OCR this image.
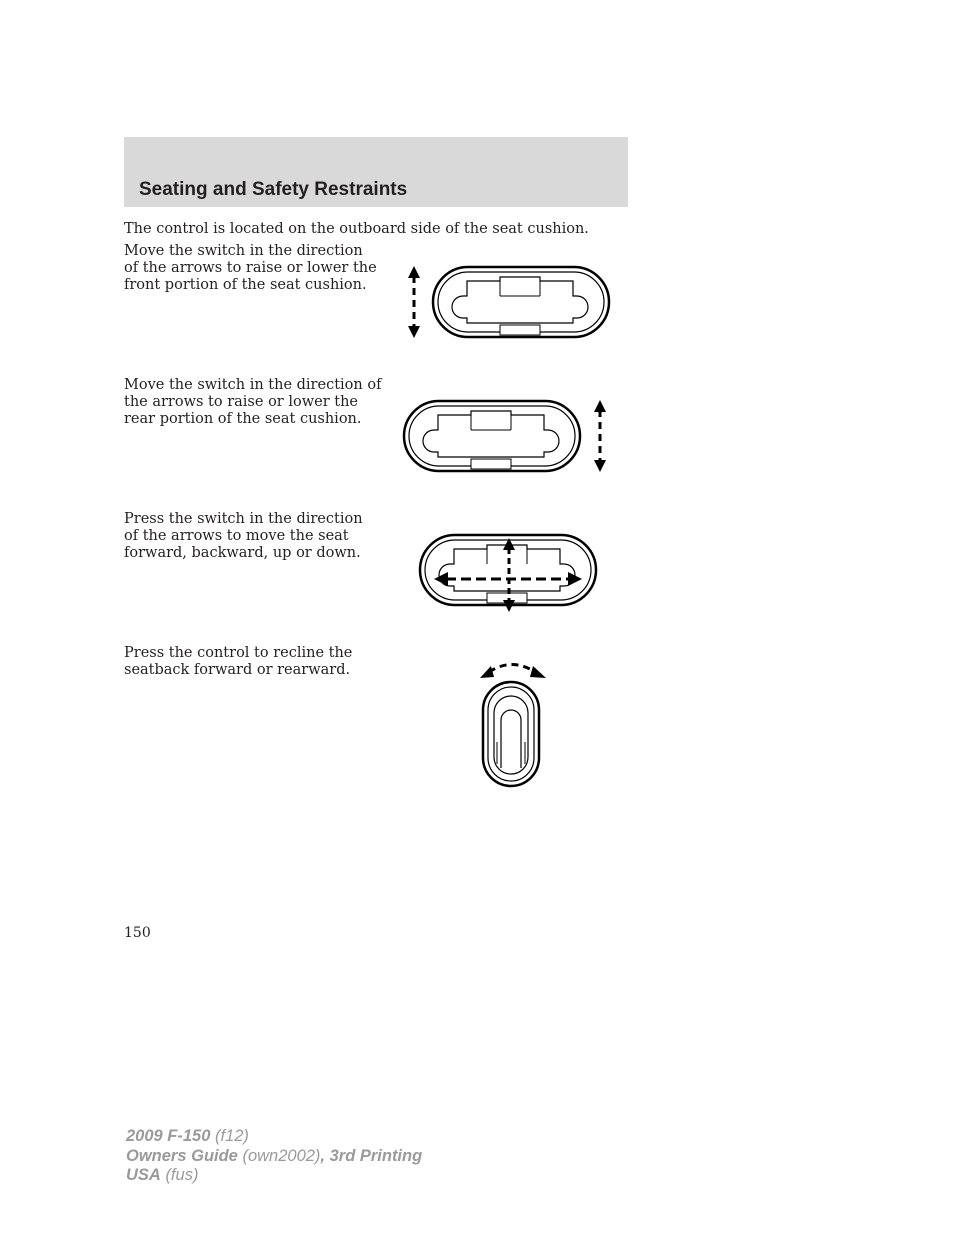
Seating and Safety Restraints

The control is located on the outboard side of the seat cushion.

Move the switch in the direction of the arrows to raise or lower the front portion of the seat cushion.

Move the switch in the direction of the arrows to raise or lower the rear portion of the seat cushion.

Press the switch in the direction of the arrows to move the seat forward, backward, up or down.

Press the control to recline the seatback forward or rearward.

150

2009 F-150 (f12)
Owners Guide (own2002), 3rd Printing
USA (fus)
